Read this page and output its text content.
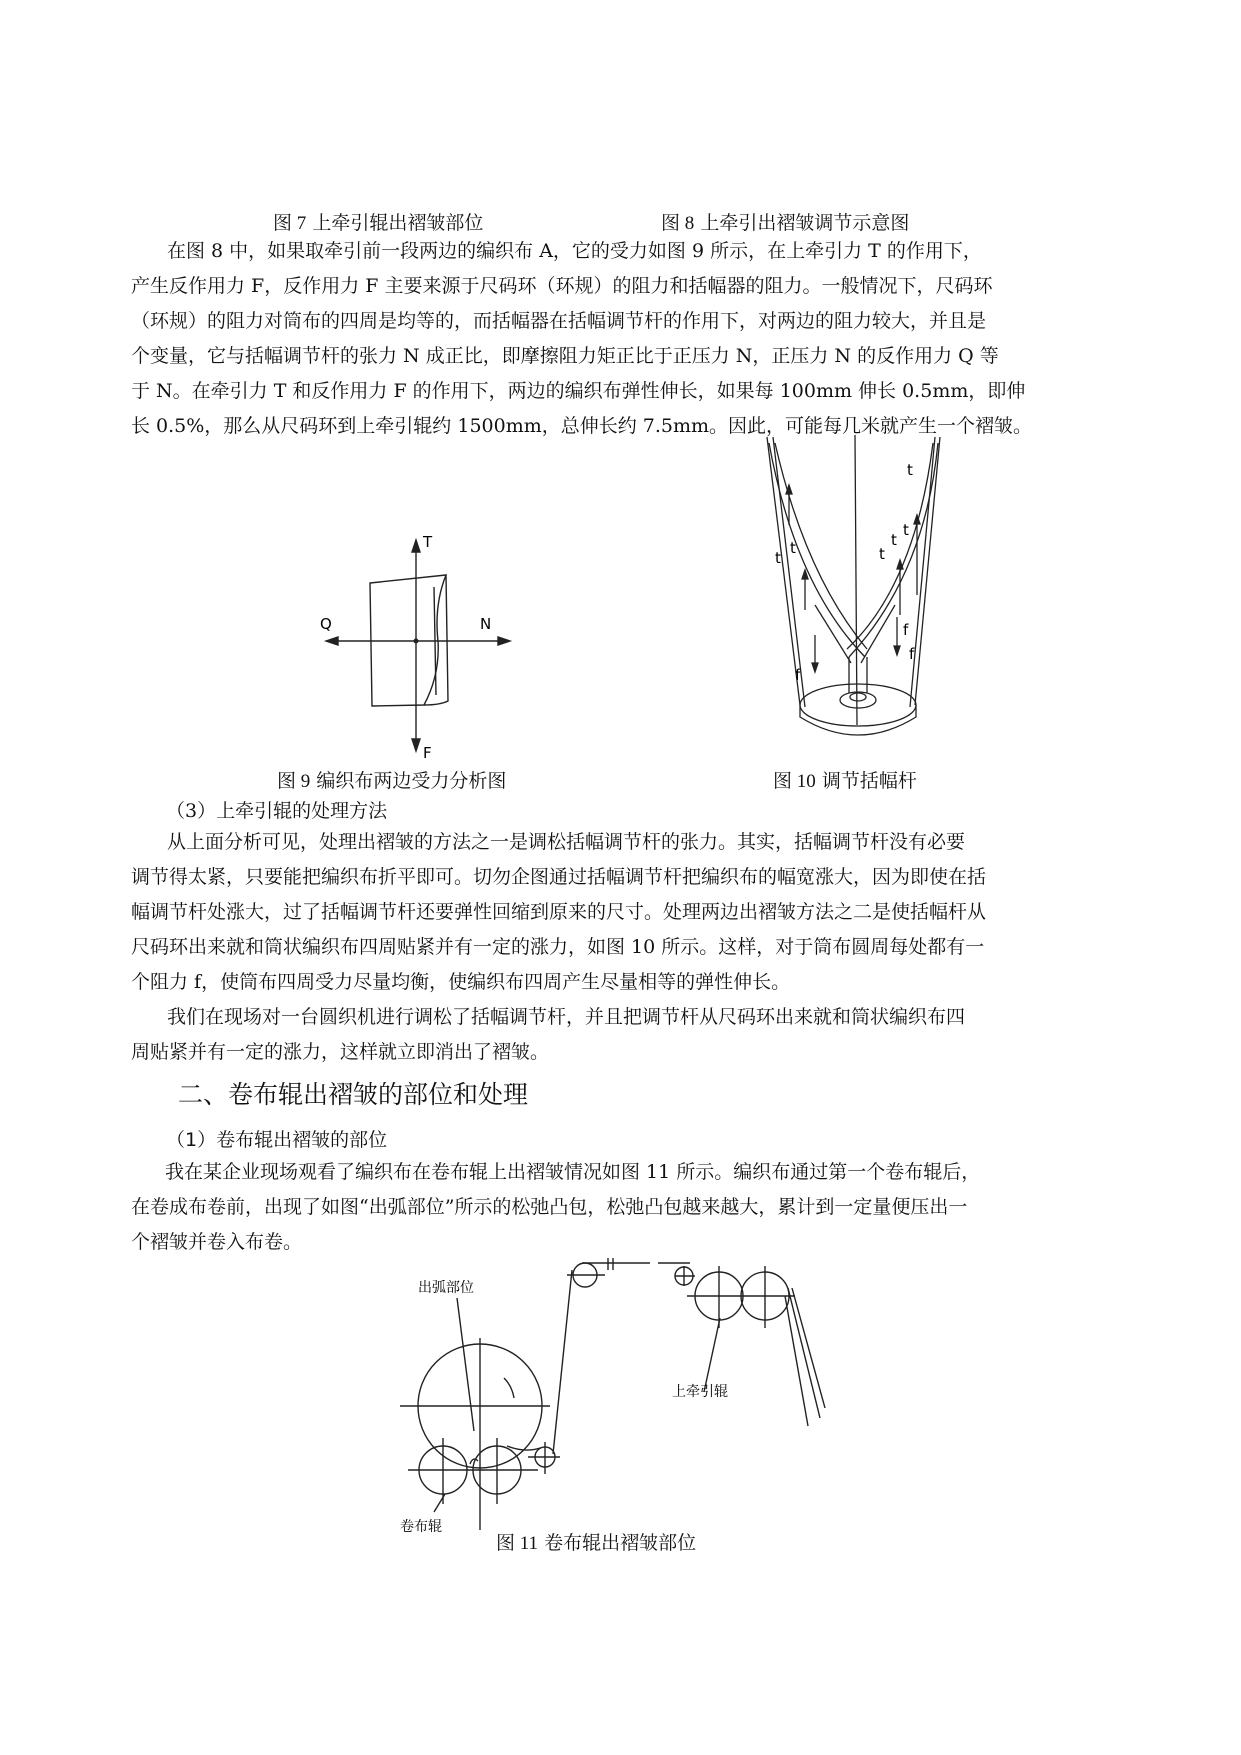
图 7 上牵引辊出褶皱部位	图 8 上牵引出褶皱调节示意图
在图 8 中，如果取牵引前一段两边的编织布 A，它的受力如图 9 所示，在上牵引力 T 的作用下，
产生反作用力 F，反作用力 F 主要来源于尺码环（环规）的阻力和括幅器的阻力。一般情况下，尺码环
（环规）的阻力对筒布的四周是均等的，而括幅器在括幅调节杆的作用下，对两边的阻力较大，并且是
个变量，它与括幅调节杆的张力 N 成正比，即摩擦阻力矩正比于正压力 N，正压力 N 的反作用力 Q 等
于 N。在牵引力 T 和反作用力 F 的作用下，两边的编织布弹性伸长，如果每 100mm 伸长 0.5mm，即伸
长 0.5%，那么从尺码环到上牵引辊约 1500mm，总伸长约 7.5mm。因此，可能每几米就产生一个褶皱。
T
F
Q	N
t
t	t
t
t
t
f
f
f
图 9 编织布两边受力分析图	图 10 调节括幅杆
（3）上牵引辊的处理方法
从上面分析可见，处理出褶皱的方法之一是调松括幅调节杆的张力。其实，括幅调节杆没有必要
调节得太紧，只要能把编织布折平即可。切勿企图通过括幅调节杆把编织布的幅宽涨大，因为即使在括
幅调节杆处涨大，过了括幅调节杆还要弹性回缩到原来的尺寸。处理两边出褶皱方法之二是使括幅杆从
尺码环出来就和筒状编织布四周贴紧并有一定的涨力，如图 10 所示。这样，对于筒布圆周每处都有一
个阻力 f，使筒布四周受力尽量均衡，使编织布四周产生尽量相等的弹性伸长。
我们在现场对一台圆织机进行调松了括幅调节杆，并且把调节杆从尺码环出来就和筒状编织布四
周贴紧并有一定的涨力，这样就立即消出了褶皱。
二、卷布辊出褶皱的部位和处理
（1）卷布辊出褶皱的部位
我在某企业现场观看了编织布在卷布辊上出褶皱情况如图 11 所示。编织布通过第一个卷布辊后，
在卷成布卷前，出现了如图“出弧部位”所示的松弛凸包，松弛凸包越来越大，累计到一定量便压出一
个褶皱并卷入布卷。
出弧部位
上牵引辊
卷布辊
图 11 卷布辊出褶皱部位
